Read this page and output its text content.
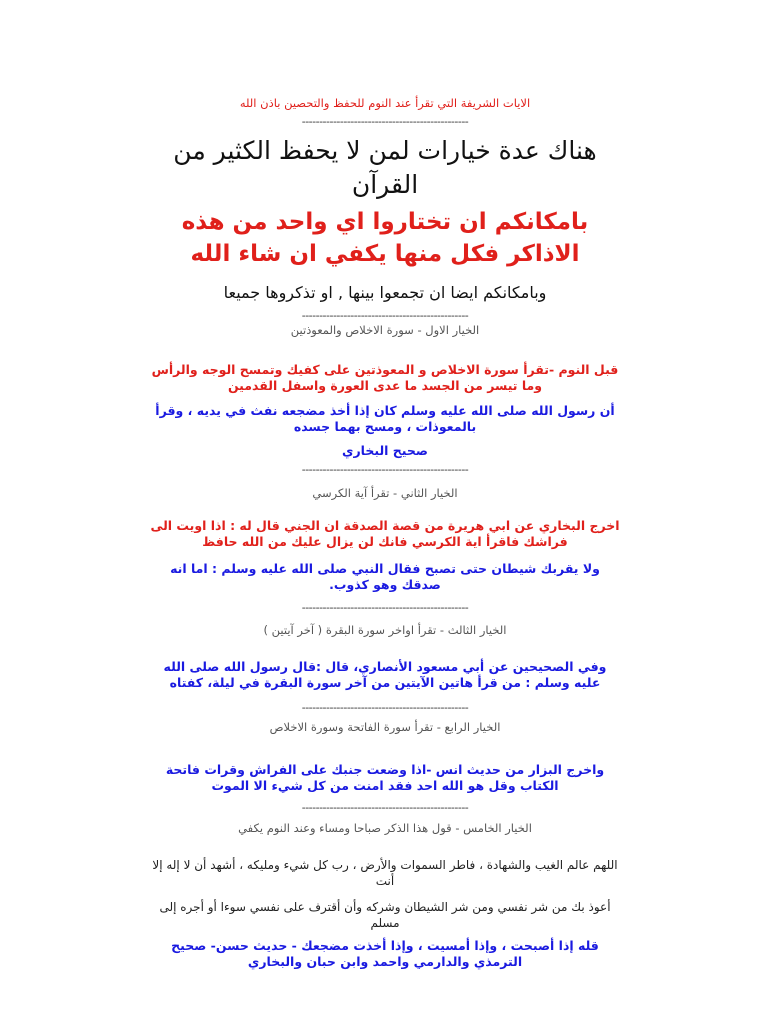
الايات الشريفة التي تقرأ عند النوم للحفظ والتحصين باذن الله

------------------------------------------------

هناك عدة خيارات لمن لا يحفظ الكثير من القرآن

بامكانكم ان تختاروا اي واحد من هذه الاذاكر فكل منها يكفي ان شاء الله

وبامكانكم ايضا ان تجمعوا بينها , او تذكروها جميعا

------------------------------------------------

الخيار الاول - سورة الاخلاص والمعوذتين

قبل النوم -تقرأ سورة الاخلاص و المعوذتين على كفيك وتمسح الوجه والرأس وما تيسر من الجسد ما عدى العورة واسفل القدمين

أن رسول الله صلى الله عليه وسلم كان إذا أخذ مضجعه نفث في يديه ، وقرأ بالمعوذات ، ومسح بهما جسده

صحيح البخاري

------------------------------------------------

الخيار الثاني - تقرأ آية الكرسي

اخرج البخاري عن ابي هريرة من قصة الصدقة ان الجني قال له : اذا اويت الى فراشك فاقرأ اية الكرسي فانك لن يزال عليك من الله حافظ

ولا يقربك شيطان حتى تصبح فقال النبي صلى الله عليه وسلم : اما انه صدقك وهو كذوب.

------------------------------------------------

الخيار الثالث - تقرأ اواخر سورة البقرة ( آخر آيتين )

وفي الصحيحين عن أبي مسعود الأنصاري، قال :قال رسول الله صلى الله عليه وسلم : من قرأ هاتين الآيتين من آخر سورة البقرة في ليلة، كفتاه

------------------------------------------------

الخيار الرابع - تقرأ سورة الفاتحة وسورة الاخلاص

واخرج البزار من حديث انس -اذا وضعت جنبك على الفراش وقرات فاتحة الكتاب وقل هو الله احد فقد امنت من كل شيء الا الموت

------------------------------------------------

الخيار الخامس - قول هذا الذكر صباحا ومساء وعند النوم يكفي

اللهم عالم الغيب والشهادة ، فاطر السموات والأرض ، رب كل شيء ومليكه ، أشهد أن لا إله إلا أنت

أعوذ بك من شر نفسي ومن شر الشيطان وشركه وأن أقترف على نفسي سوءا أو أجره إلى مسلم

قله إذا أصبحت ، وإذا أمسيت ، وإذا أخذت مضجعك - حديث حسن- صحيح الترمذي والدارمي واحمد وابن حبان والبخاري
